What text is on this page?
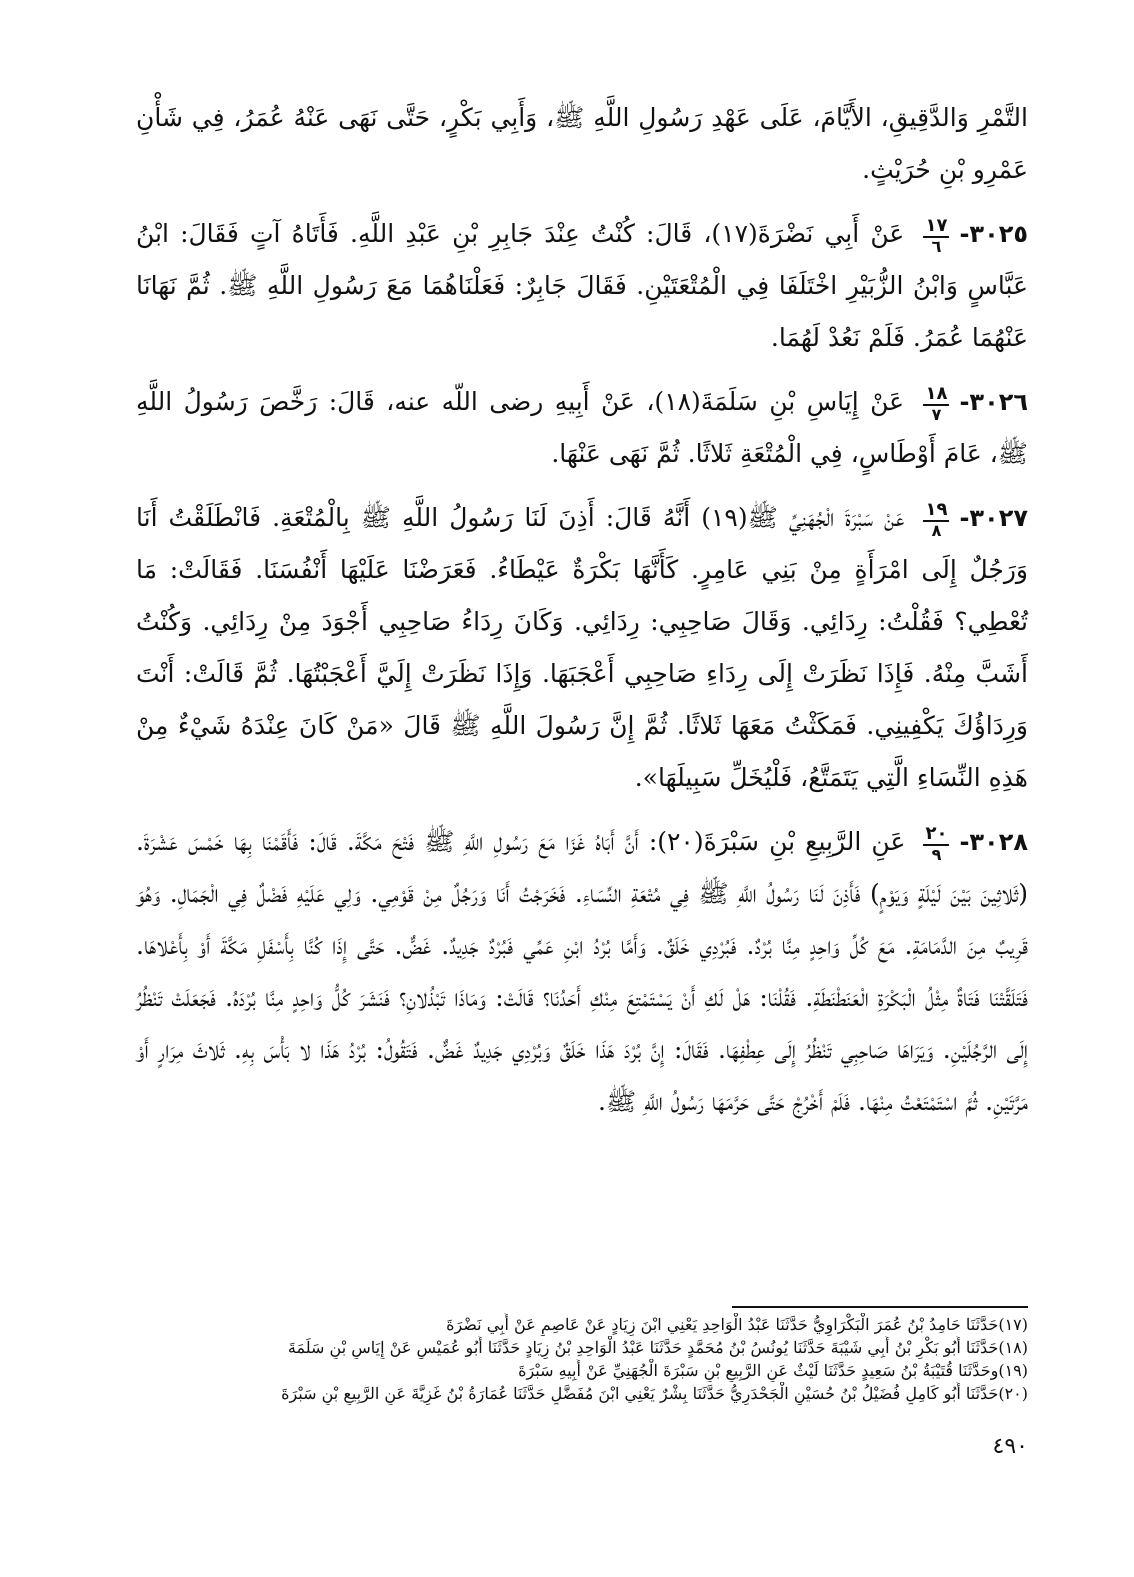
التَّمْرِ وَالدَّقِيقِ، الأَيَّامَ، عَلَى عَهْدِ رَسُولِ اللَّهِ ﷺ، وَأَبِي بَكْرٍ، حَتَّى نَهَى عَنْهُ عُمَرُ، فِي شَأْنِ عَمْرِو بْنِ حُرَيْثٍ.

٣٠٢٥-
$\frac{١٧}{٦}$
عَنْ أَبِي نَضْرَةَ(١٧)، قَالَ: كُنْتُ عِنْدَ جَابِرِ بْنِ عَبْدِ اللَّهِ. فَأَتَاهُ آتٍ فَقَالَ: ابْنُ عَبَّاسٍ وَابْنُ الزُّبَيْرِ اخْتَلَفَا فِي الْمُتْعَتَيْنِ. فَقَالَ جَابِرٌ: فَعَلْنَاهُمَا مَعَ رَسُولِ اللَّهِ ﷺ. ثُمَّ نَهَانَا عَنْهُمَا عُمَرُ. فَلَمْ نَعُدْ لَهُمَا.

٣٠٢٦-
$\frac{١٨}{٧}$
عَنْ إِيَاسِ بْنِ سَلَمَةَ(١٨)، عَنْ أَبِيهِ رضى اللّه عنه، قَالَ: رَخَّصَ رَسُولُ اللَّهِ ﷺ، عَامَ أَوْطَاسٍ، فِي الْمُتْعَةِ ثَلاثًا. ثُمَّ نَهَى عَنْهَا.

٣٠٢٧-
$\frac{١٩}{٨}$
عَنْ سَبْرَةَ الْجُهَنِيِّ ﷺ(١٩) أَنَّهُ قَالَ: أَذِنَ لَنَا رَسُولُ اللَّهِ ﷺ بِالْمُتْعَةِ. فَانْطَلَقْتُ أَنَا وَرَجُلٌ إِلَى امْرَأَةٍ مِنْ بَنِي عَامِرٍ. كَأَنَّهَا بَكْرَةٌ عَيْطَاءُ. فَعَرَضْنَا عَلَيْهَا أَنْفُسَنَا. فَقَالَتْ: مَا تُعْطِي؟ فَقُلْتُ: رِدَائِي. وَقَالَ صَاحِبِي: رِدَائِي. وَكَانَ رِدَاءُ صَاحِبِي أَجْوَدَ مِنْ رِدَائِي. وَكُنْتُ أَشَبَّ مِنْهُ. فَإِذَا نَظَرَتْ إِلَى رِدَاءِ صَاحِبِي أَعْجَبَهَا. وَإِذَا نَظَرَتْ إِلَيَّ أَعْجَبْتُهَا. ثُمَّ قَالَتْ: أَنْتَ وَرِدَاؤُكَ يَكْفِينِي. فَمَكَثْتُ مَعَهَا ثَلاثًا. ثُمَّ إِنَّ رَسُولَ اللَّهِ ﷺ قَالَ «مَنْ كَانَ عِنْدَهُ شَيْءٌ مِنْ هَذِهِ النِّسَاءِ الَّتِي يَتَمَتَّعُ، فَلْيُخَلِّ سَبِيلَهَا».

٣٠٢٨-
$\frac{٢٠}{٩}$
عَنِ الرَّبِيعِ بْنِ سَبْرَةَ(٢٠): أَنَّ أَبَاهُ غَزَا مَعَ رَسُولِ اللَّهِ ﷺ فَتْحَ مَكَّةَ. قَالَ: فَأَقَمْنَا بِهَا خَمْسَ عَشْرَةَ. (ثَلاثِينَ بَيْنَ لَيْلَةٍ وَيَوْمٍ) فَأَذِنَ لَنَا رَسُولُ اللَّهِ ﷺ فِي مُتْعَةِ النِّسَاءِ. فَخَرَجْتُ أَنَا وَرَجُلٌ مِنْ قَوْمِي. وَلِي عَلَيْهِ فَضْلٌ فِي الْجَمَالِ. وَهُوَ قَرِيبٌ مِنَ الدَّمَامَةِ. مَعَ كُلِّ وَاحِدٍ مِنَّا بُرْدٌ. فَبُرْدِي خَلَقٌ. وَأَمَّا بُرْدُ ابْنِ عَمِّي فَبُرْدٌ جَدِيدٌ. غَضٌّ. حَتَّى إِذَا كُنَّا بِأَسْفَلِ مَكَّةَ أَوْ بِأَعْلاهَا. فَتَلَقَّتْنَا فَتَاةٌ مِثْلُ الْبَكْرَةِ الْعَنَطْنَطَةِ. فَقُلْنَا: هَلْ لَكِ أَنْ يَسْتَمْتِعَ مِنْكِ أَحَدُنَا؟ قَالَتْ: وَمَاذَا تَبْذُلانِ؟ فَنَشَرَ كُلُّ وَاحِدٍ مِنَّا بُرْدَهُ. فَجَعَلَتْ تَنْظُرُ إِلَى الرَّجُلَيْنِ. وَيَرَاهَا صَاحِبِي تَنْظُرُ إِلَى عِطْفِهَا. فَقَالَ: إِنَّ بُرْدَ هَذَا خَلَقٌ وَبُرْدِي جَدِيدٌ غَضٌّ. فَتَقُولُ: بُرْدُ هَذَا لا بَأْسَ بِهِ. ثَلاثَ مِرَارٍ أَوْ مَرَّتَيْنِ. ثُمَّ اسْتَمْتَعْتُ مِنْهَا. فَلَمْ أَخْرُجْ حَتَّى حَرَّمَهَا رَسُولُ اللَّهِ ﷺ.

(١٧)حَدَّثَنَا حَامِدُ بْنُ عُمَرَ الْبَكْرَاوِيُّ حَدَّثَنَا عَبْدُ الْوَاحِدِ يَعْنِي ابْنَ زِيَادٍ عَنْ عَاصِمٍ عَنْ أَبِي نَضْرَةَ

(١٨)حَدَّثَنَا أَبُو بَكْرِ بْنُ أَبِي شَيْبَةَ حَدَّثَنَا يُونُسُ بْنُ مُحَمَّدٍ حَدَّثَنَا عَبْدُ الْوَاحِدِ بْنُ زِيَادٍ حَدَّثَنَا أَبُو عُمَيْسٍ عَنْ إِيَاسِ بْنِ سَلَمَةَ

(١٩)وحَدَّثَنَا قُتَيْبَةُ بْنُ سَعِيدٍ حَدَّثَنَا لَيْثٌ عَنِ الرَّبِيعِ بْنِ سَبْرَةَ الْجُهَنِيِّ عَنْ أَبِيهِ سَبْرَةَ

(٢٠)حَدَّثَنَا أَبُو كَامِلٍ فُضَيْلُ بْنُ حُسَيْنٍ الْجَحْدَرِيُّ حَدَّثَنَا بِشْرٌ يَعْنِي ابْنَ مُفَضَّلٍ حَدَّثَنَا عُمَارَةُ بْنُ غَزِيَّةَ عَنِ الرَّبِيعِ بْنِ سَبْرَةَ

٤٩٠
